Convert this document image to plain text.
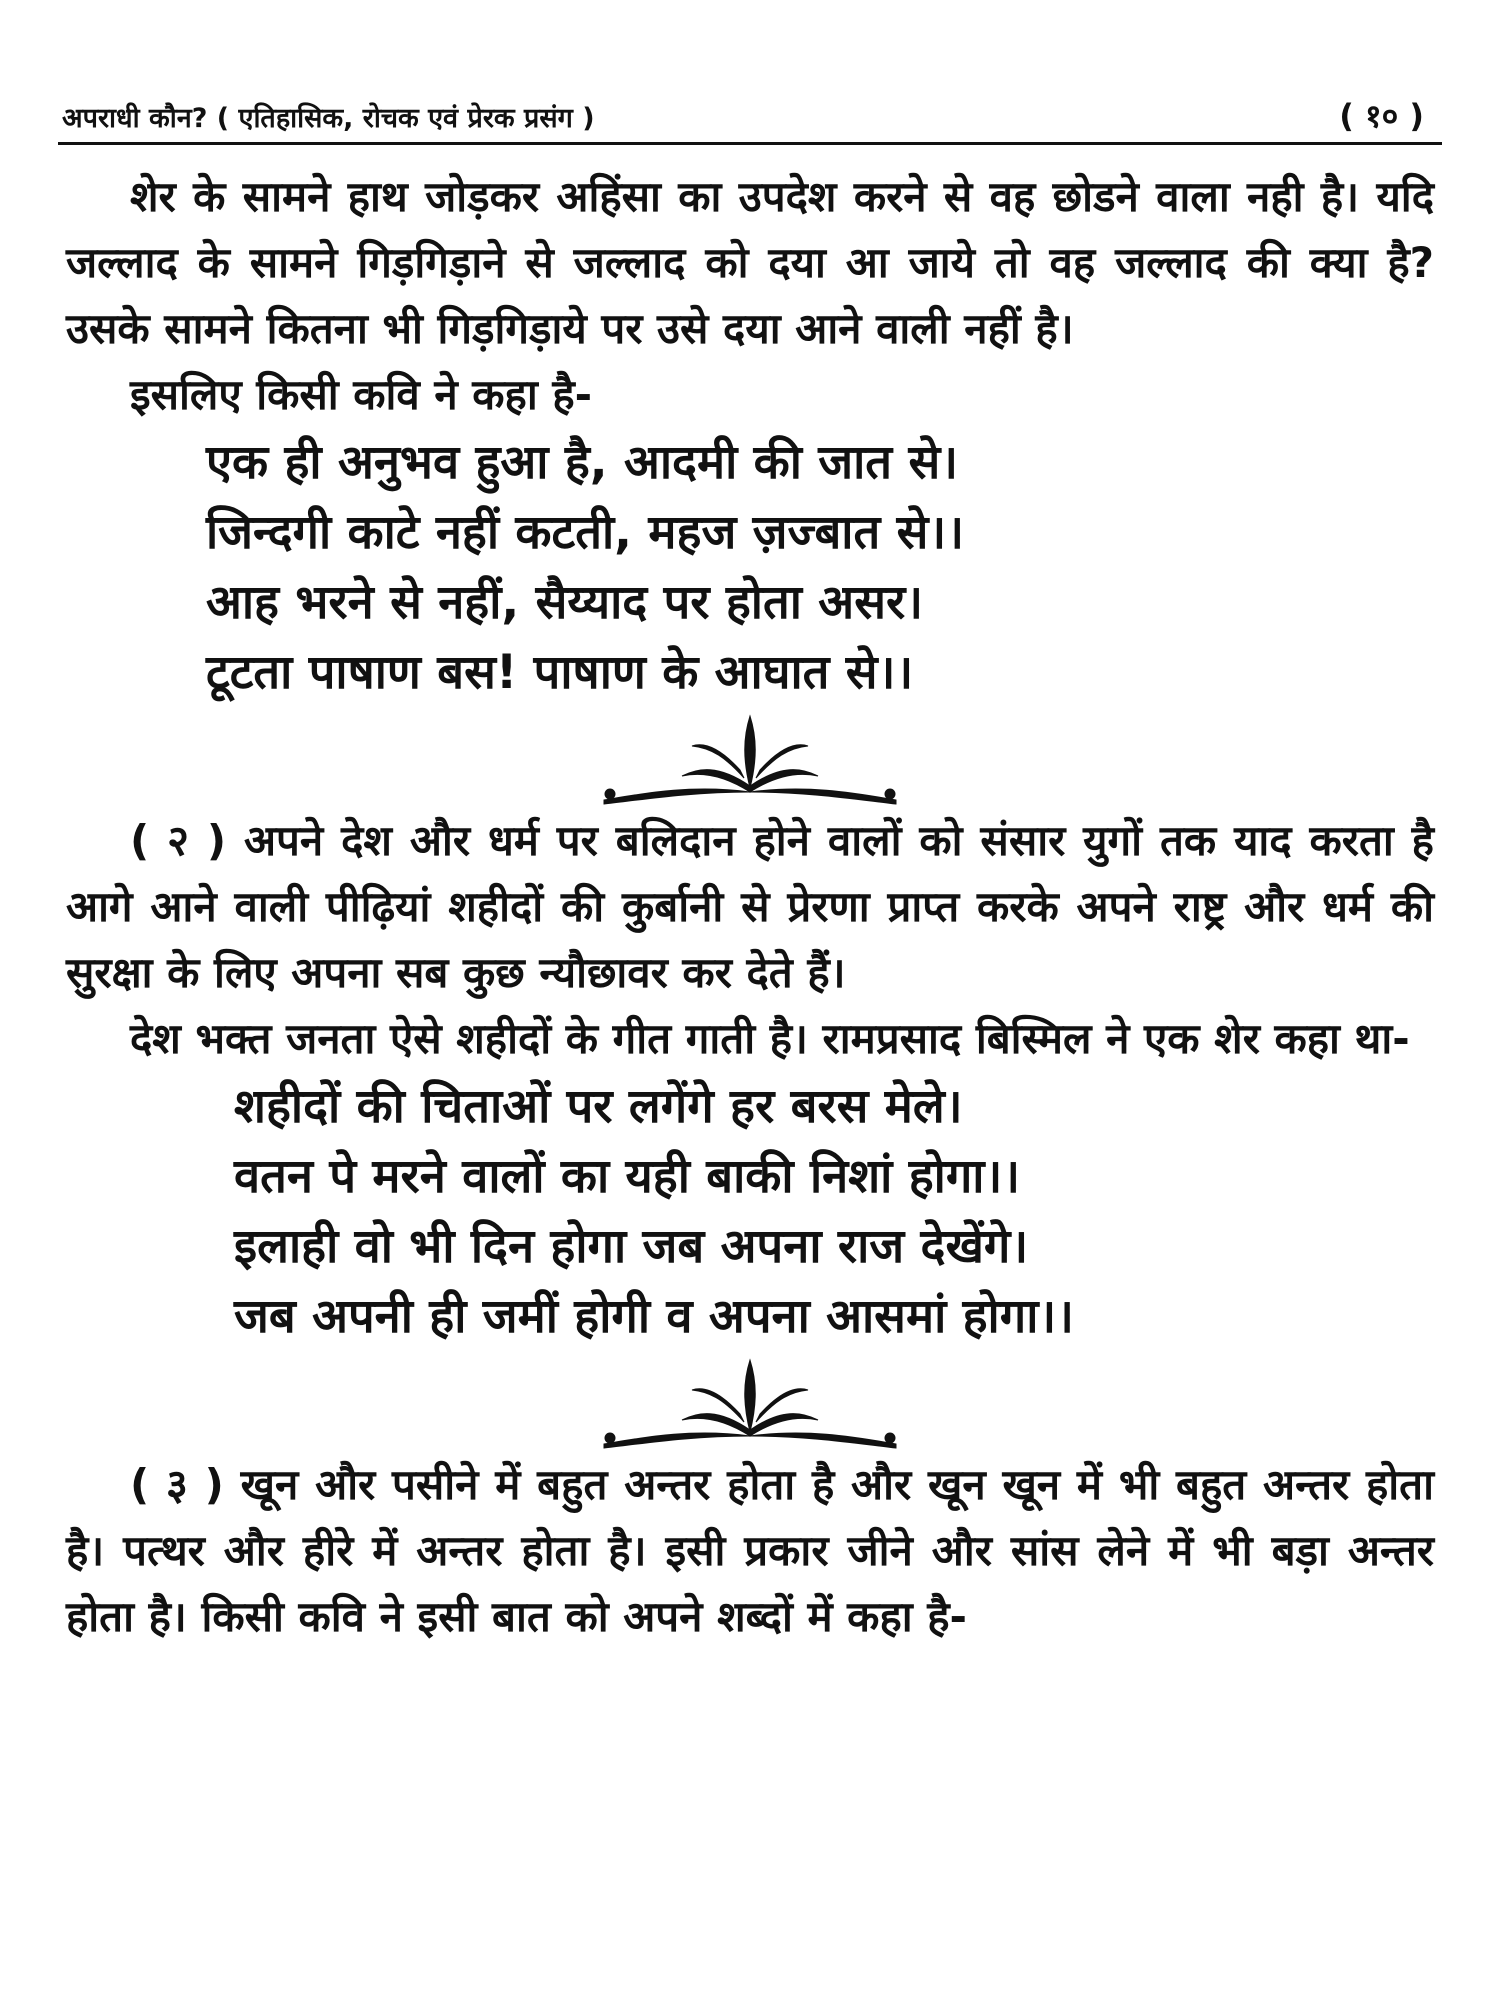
अपराधी कौन? ( एतिहासिक, रोचक एवं प्रेरक प्रसंग )	( १० )

शेर के सामने हाथ जोड़कर अहिंसा का उपदेश करने से वह छोडने वाला नही है। यदि जल्लाद के सामने गिड़गिड़ाने से जल्लाद को दया आ जाये तो वह जल्लाद की क्या है? उसके सामने कितना भी गिड़गिड़ाये पर उसे दया आने वाली नहीं है।

इसलिए किसी कवि ने कहा है-

एक ही अनुभव हुआ है, आदमी की जात से।
जिन्दगी काटे नहीं कटती, महज ज़ज्बात से।।
आह भरने से नहीं, सैय्याद पर होता असर।
टूटता पाषाण बस! पाषाण के आघात से।।

( २ ) अपने देश और धर्म पर बलिदान होने वालों को संसार युगों तक याद करता है आगे आने वाली पीढ़ियां शहीदों की कुर्बानी से प्रेरणा प्राप्त करके अपने राष्ट्र और धर्म की सुरक्षा के लिए अपना सब कुछ न्यौछावर कर देते हैं।

देश भक्त जनता ऐसे शहीदों के गीत गाती है। रामप्रसाद बिस्मिल ने एक शेर कहा था-

शहीदों की चिताओं पर लगेंगे हर बरस मेले।
वतन पे मरने वालों का यही बाकी निशां होगा।।
इलाही वो भी दिन होगा जब अपना राज देखेंगे।
जब अपनी ही जमीं होगी व अपना आसमां होगा।।

( ३ ) खून और पसीने में बहुत अन्तर होता है और खून खून में भी बहुत अन्तर होता है। पत्थर और हीरे में अन्तर होता है। इसी प्रकार जीने और सांस लेने में भी बड़ा अन्तर होता है। किसी कवि ने इसी बात को अपने शब्दों में कहा है-
